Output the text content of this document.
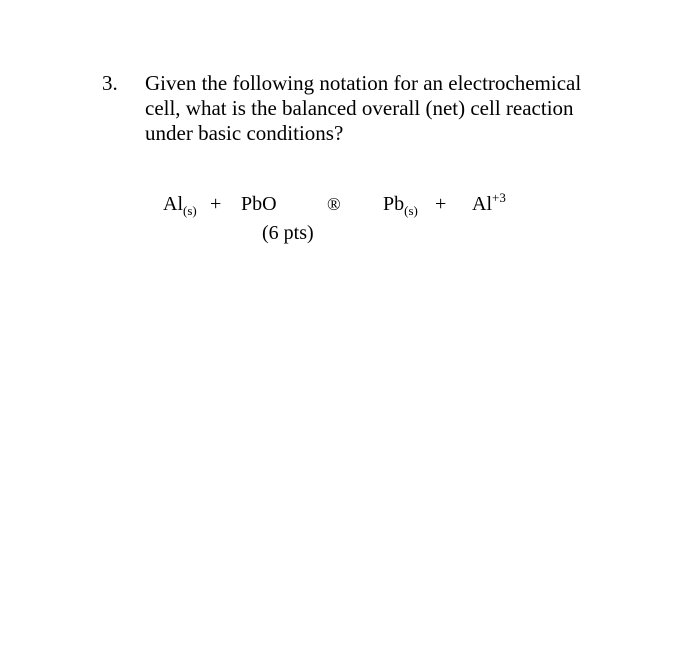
3. Given the following notation for an electrochemical
cell, what is the balanced overall (net) cell reaction
under basic conditions?
$Al_{(s)}$ + PbO	® $Pb_{(s)} + Al^{+3}$
(6 pts)
